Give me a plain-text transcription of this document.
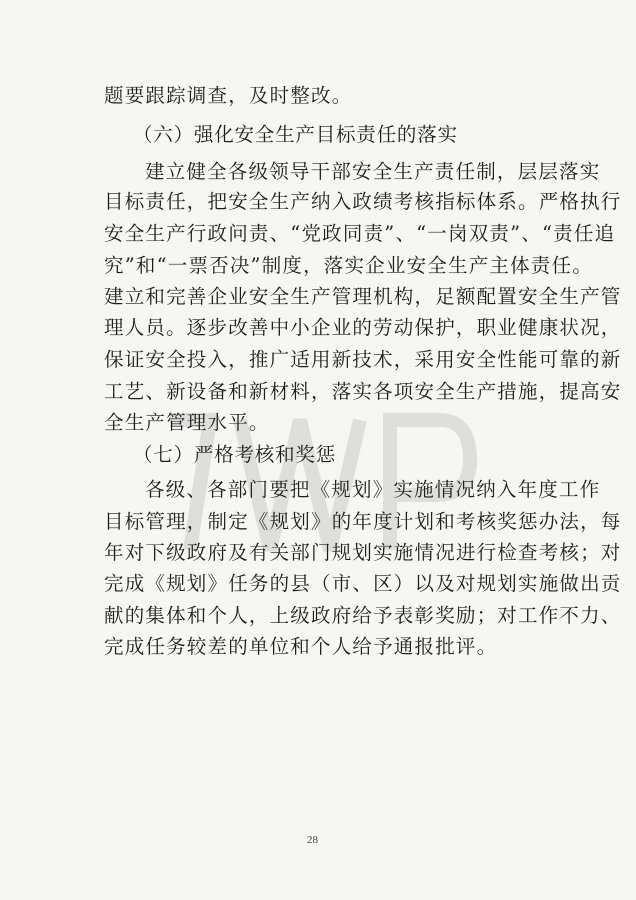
题要跟踪调查，及时整改。
（六）强化安全生产目标责任的落实
建立健全各级领导干部安全生产责任制，层层落实
目标责任，把安全生产纳入政绩考核指标体系。严格执行
安全生产行政问责、“党政同责”、“一岗双责”、“责任追
究”和“一票否决”制度，落实企业安全生产主体责任。
建立和完善企业安全生产管理机构，足额配置安全生产管
理人员。逐步改善中小企业的劳动保护，职业健康状况，
保证安全投入，推广适用新技术，采用安全性能可靠的新
工艺、新设备和新材料，落实各项安全生产措施，提高安
全生产管理水平。
（七）严格考核和奖惩
各级、各部门要把《规划》实施情况纳入年度工作
目标管理，制定《规划》的年度计划和考核奖惩办法，每
年对下级政府及有关部门规划实施情况进行检查考核；对
完成《规划》任务的县（市、区）以及对规划实施做出贡
献的集体和个人，上级政府给予表彰奖励；对工作不力、
完成任务较差的单位和个人给予通报批评。
28
